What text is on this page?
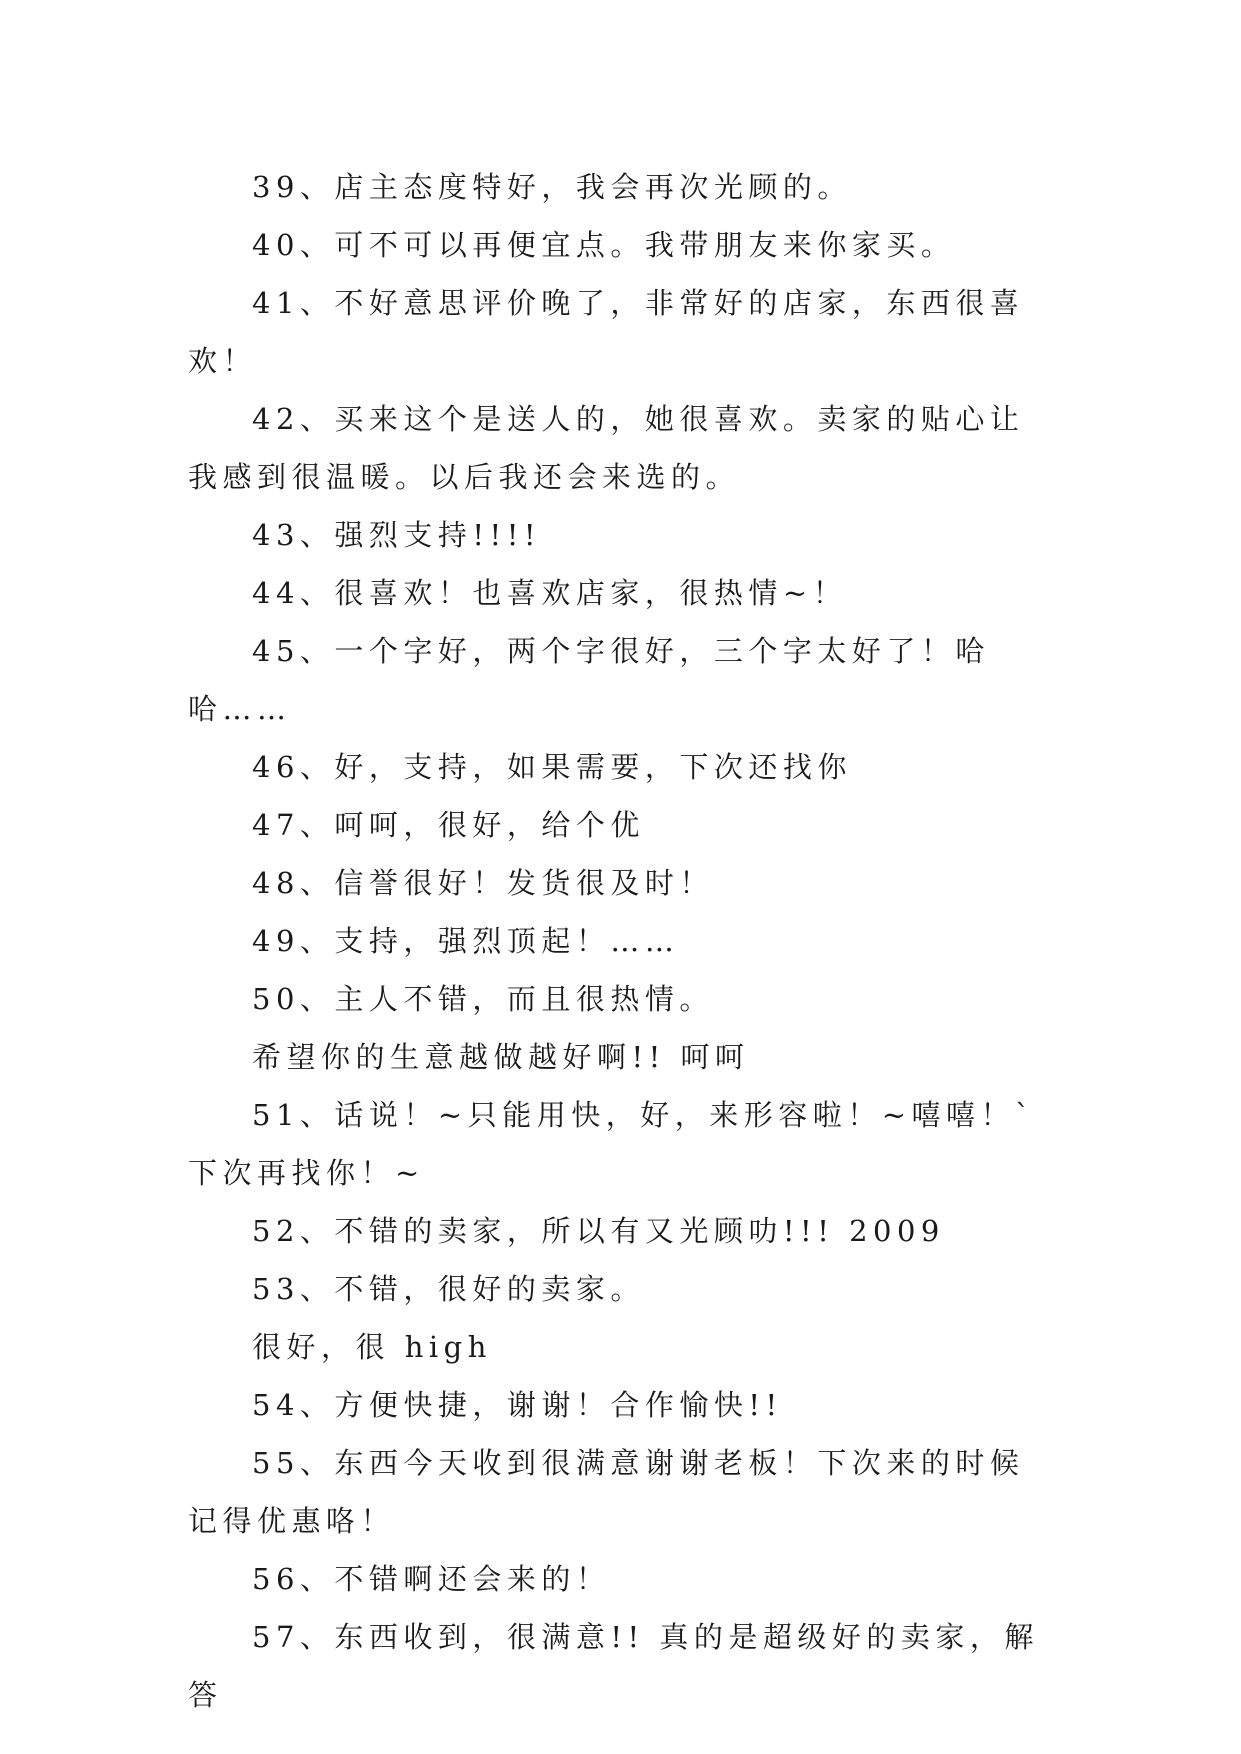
39、店主态度特好，我会再次光顾的。

40、可不可以再便宜点。我带朋友来你家买。

41、不好意思评价晚了，非常好的店家，东西很喜欢！

42、买来这个是送人的，她很喜欢。卖家的贴心让我感到很温暖。以后我还会来选的。

43、强烈支持!!!!

44、很喜欢！也喜欢店家，很热情~！

45、一个字好，两个字很好，三个字太好了！哈哈……

46、好，支持，如果需要，下次还找你

47、呵呵，很好，给个优

48、信誉很好！发货很及时！

49、支持，强烈顶起！……

50、主人不错，而且很热情。

希望你的生意越做越好啊!! 呵呵

51、话说！~只能用快，好，来形容啦！~嘻嘻！`下次再找你！~

52、不错的卖家，所以有又光顾叻!!! 2009

53、不错，很好的卖家。

很好，很 high

54、方便快捷，谢谢！合作愉快!!

55、东西今天收到很满意谢谢老板！下次来的时候记得优惠咯！

56、不错啊还会来的！

57、东西收到，很满意!! 真的是超级好的卖家，解答
